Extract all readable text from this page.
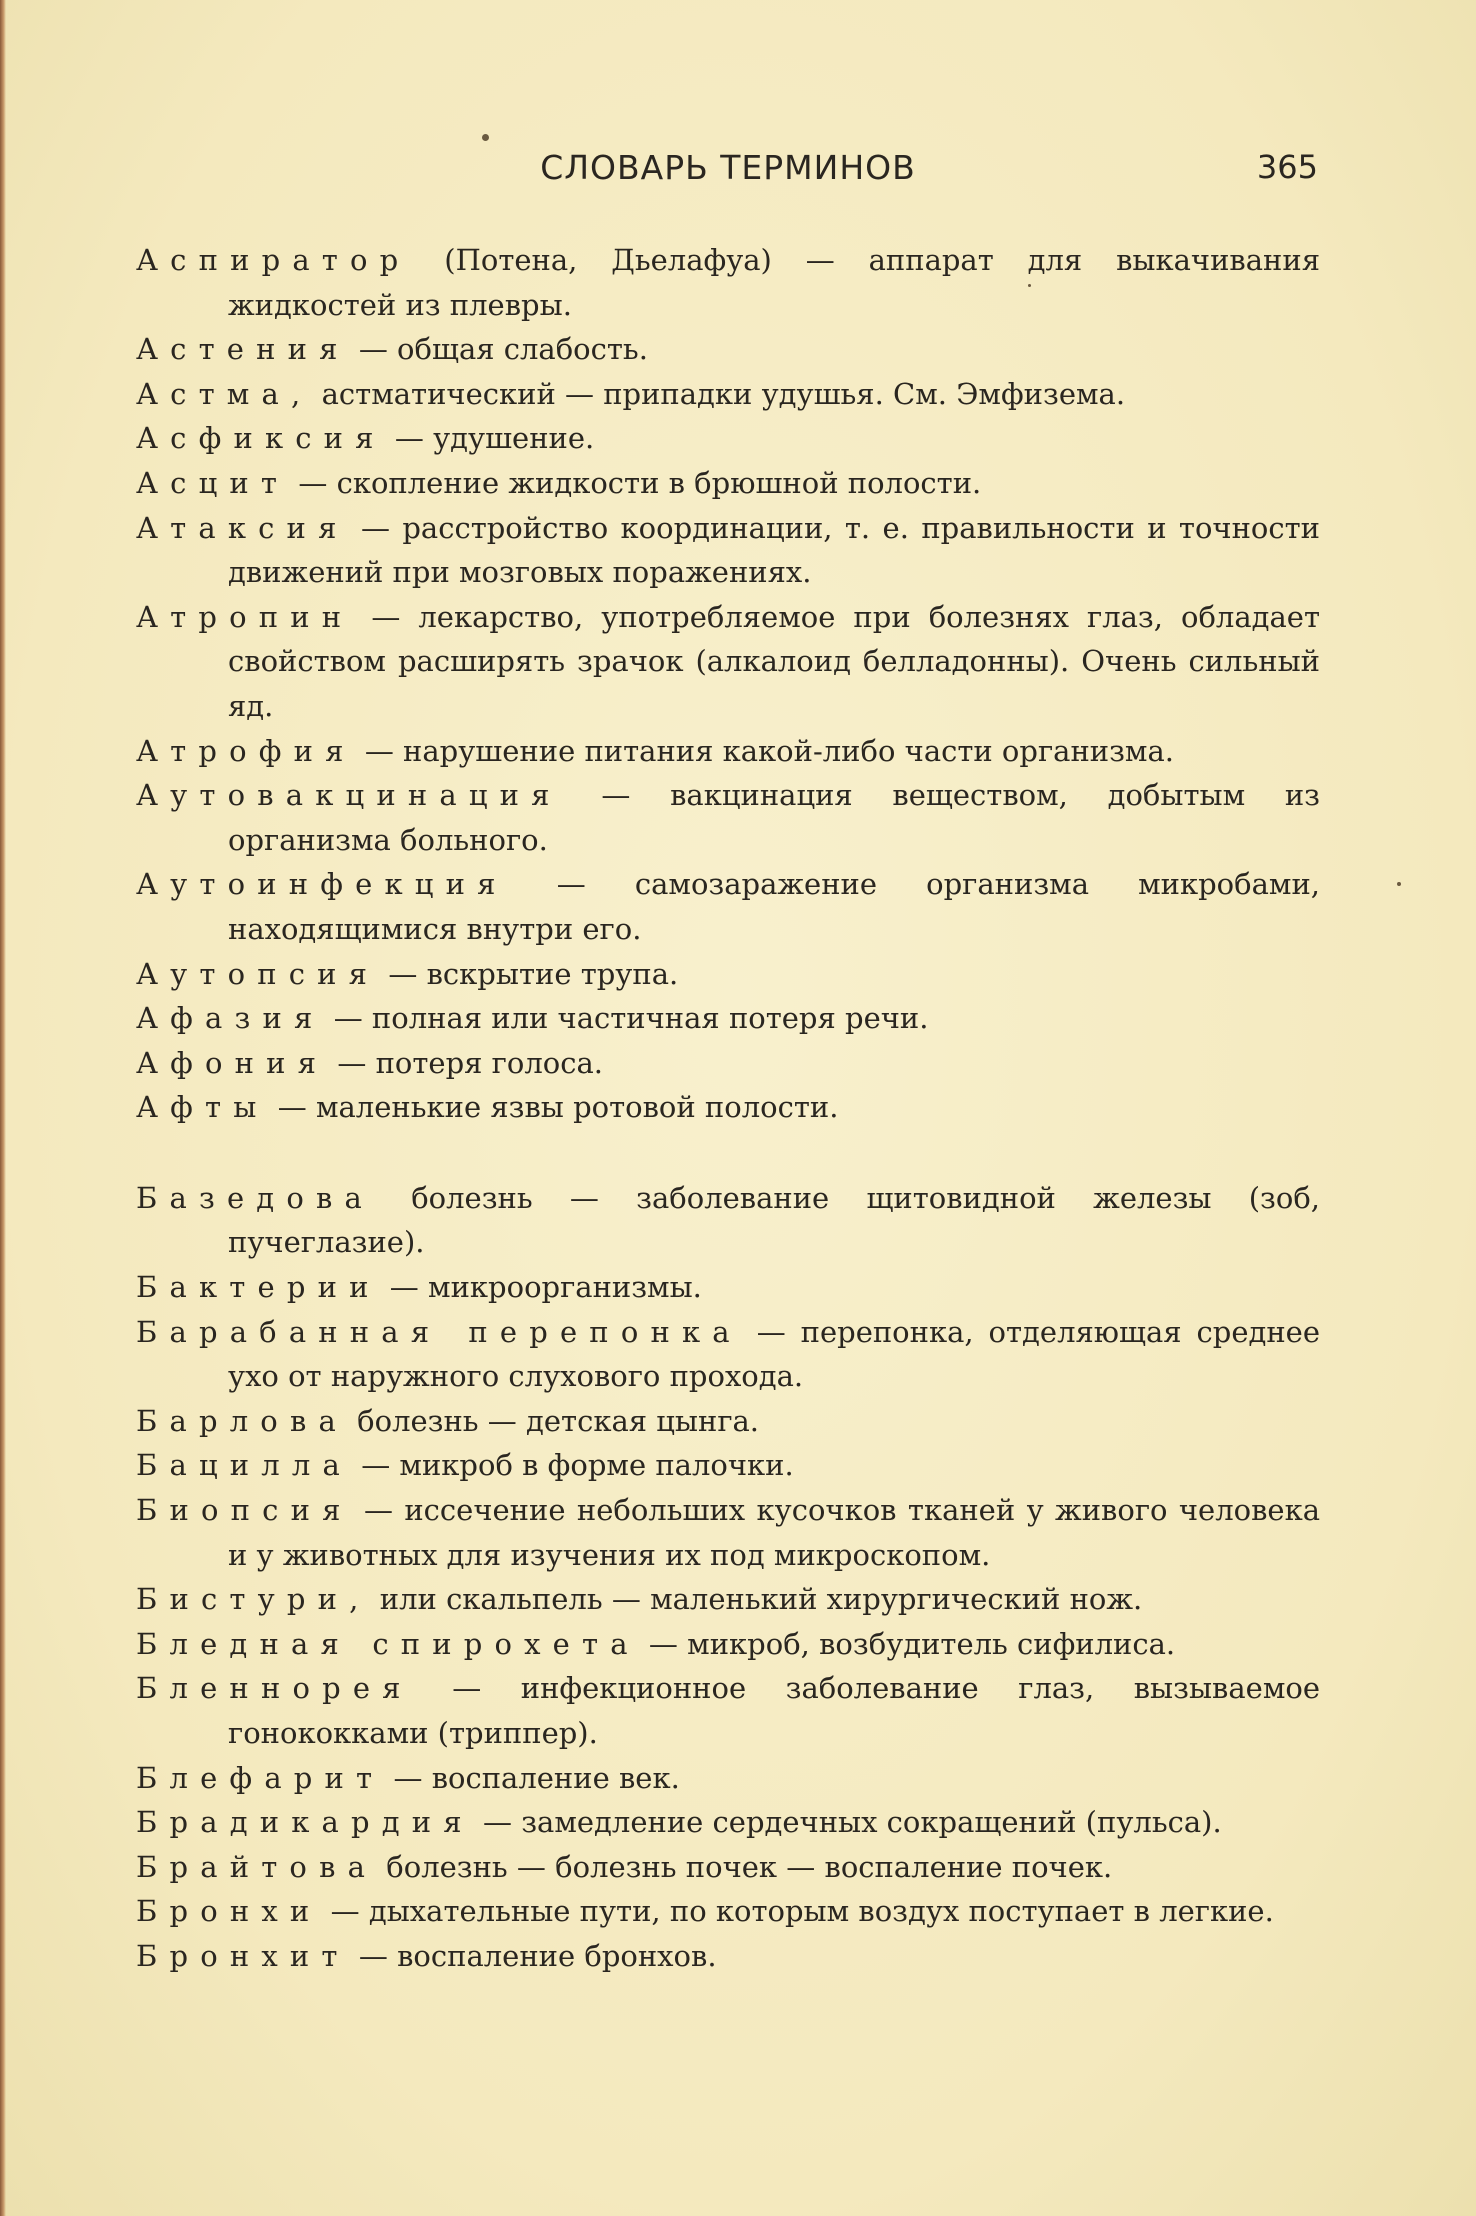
СЛОВАРЬ ТЕРМИНОВ	365

Аспиратор (Потена, Дьелафуа) — аппарат для выкачивания жидкостей из плевры.

Астения — общая слабость.

Астма, астматический — припадки удушья. См. Эмфизема.

Асфиксия — удушение.

Асцит — скопление жидкости в брюшной полости.

Атаксия — расстройство координации, т. е. правильности и точности движений при мозговых поражениях.

Атропин — лекарство, употребляемое при болезнях глаз, обладает свойством расширять зрачок (алкалоид белладонны). Очень сильный яд.

Атрофия — нарушение питания какой-либо части организма.

Аутовакцинация — вакцинация веществом, добытым из организма больного.

Аутоинфекция — самозаражение организма микробами, находящимися внутри его.

Аутопсия — вскрытие трупа.

Афазия — полная или частичная потеря речи.

Афония — потеря голоса.

Афты — маленькие язвы ротовой полости.

Базедова болезнь — заболевание щитовидной железы (зоб, пучеглазие).

Бактерии — микроорганизмы.

Барабанная перепонка — перепонка, отделяющая среднее ухо от наружного слухового прохода.

Барлова болезнь — детская цынга.

Бацилла — микроб в форме палочки.

Биопсия — иссечение небольших кусочков тканей у живого человека и у животных для изучения их под микроскопом.

Бистури, или скальпель — маленький хирургический нож.

Бледная спирохета — микроб, возбудитель сифилиса.

Бленнорея — инфекционное заболевание глаз, вызываемое гонококками (триппер).

Блефарит — воспаление век.

Брадикардия — замедление сердечных сокращений (пульса).

Брайтова болезнь — болезнь почек — воспаление почек.

Бронхи — дыхательные пути, по которым воздух поступает в легкие.

Бронхит — воспаление бронхов.
